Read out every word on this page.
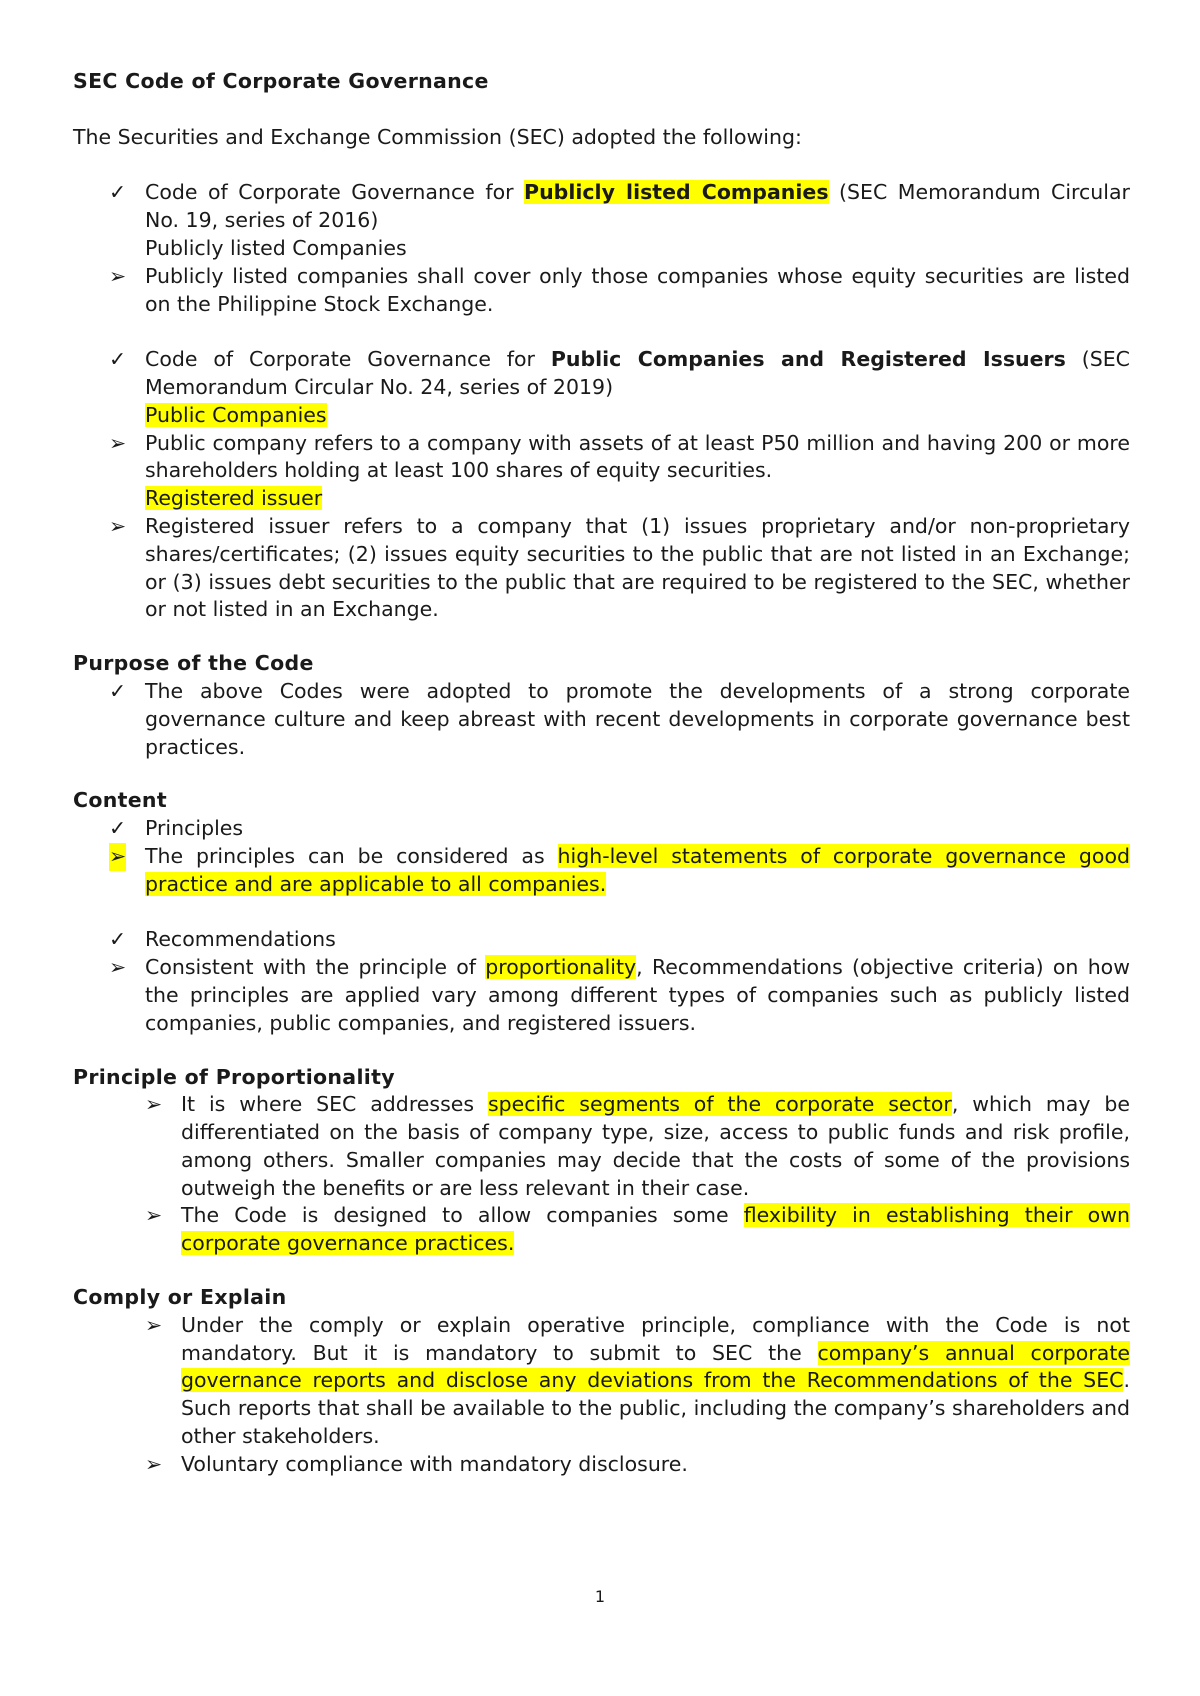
SEC Code of Corporate Governance
The Securities and Exchange Commission (SEC) adopted the following:
✓ Code of Corporate Governance for Publicly listed Companies (SEC Memorandum Circular No. 19, series of 2016)
Publicly listed Companies
➢ Publicly listed companies shall cover only those companies whose equity securities are listed on the Philippine Stock Exchange.
✓ Code of Corporate Governance for Public Companies and Registered Issuers (SEC Memorandum Circular No. 24, series of 2019)
Public Companies
➢ Public company refers to a company with assets of at least P50 million and having 200 or more shareholders holding at least 100 shares of equity securities.
Registered issuer
➢ Registered issuer refers to a company that (1) issues proprietary and/or non-proprietary shares/certificates; (2) issues equity securities to the public that are not listed in an Exchange; or (3) issues debt securities to the public that are required to be registered to the SEC, whether or not listed in an Exchange.
Purpose of the Code
✓ The above Codes were adopted to promote the developments of a strong corporate governance culture and keep abreast with recent developments in corporate governance best practices.
Content
✓ Principles
➢ The principles can be considered as high-level statements of corporate governance good practice and are applicable to all companies.
✓ Recommendations
➢ Consistent with the principle of proportionality, Recommendations (objective criteria) on how the principles are applied vary among different types of companies such as publicly listed companies, public companies, and registered issuers.
Principle of Proportionality
➢ It is where SEC addresses specific segments of the corporate sector, which may be differentiated on the basis of company type, size, access to public funds and risk profile, among others. Smaller companies may decide that the costs of some of the provisions outweigh the benefits or are less relevant in their case.
➢ The Code is designed to allow companies some flexibility in establishing their own corporate governance practices.
Comply or Explain
➢ Under the comply or explain operative principle, compliance with the Code is not mandatory. But it is mandatory to submit to SEC the company’s annual corporate governance reports and disclose any deviations from the Recommendations of the SEC. Such reports that shall be available to the public, including the company’s shareholders and other stakeholders.
➢ Voluntary compliance with mandatory disclosure.
1
